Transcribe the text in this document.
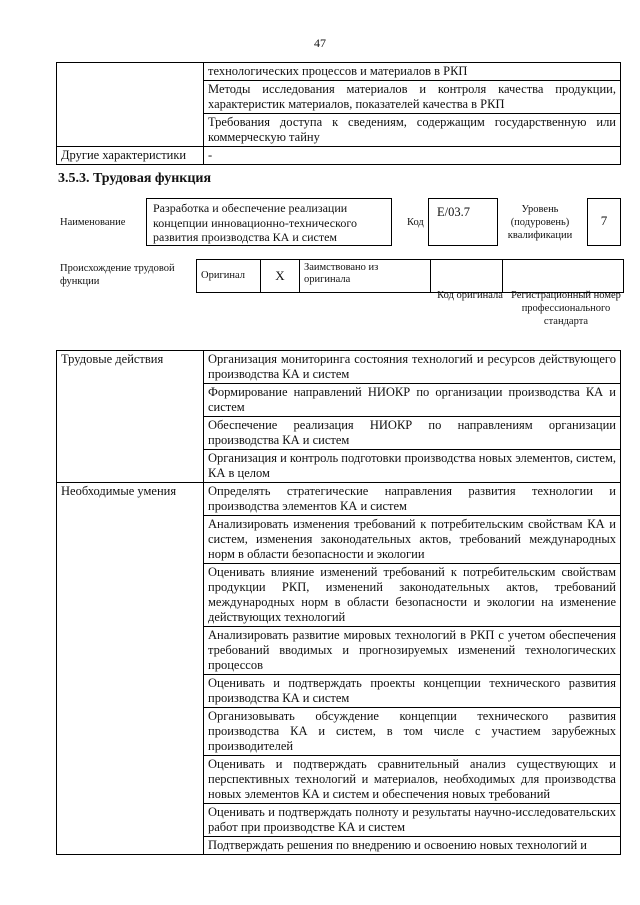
47
	технологических процессов и материалов в РКП
	Методы исследования материалов и контроля качества продукции, характеристик материалов, показателей качества в РКП
	Требования доступа к сведениям, содержащим государственную или коммерческую тайну
Другие характеристики	-
3.5.3. Трудовая функция
Наименование
Разработка и обеспечение реализации концепции инновационно-технического развития производства КА и систем
Код
E/03.7	Уровень (подуровень) квалификации
7
Происхождение трудовой функции
Оригинал	X	Заимствовано из оригинала		
Код оригинала Регистрационный номер профессионального стандарта
Трудовые действия	Организация мониторинга состояния технологий и ресурсов действующего производства КА и систем
	Формирование направлений НИОКР по организации производства КА и систем
	Обеспечение реализация НИОКР по направлениям организации производства КА и систем
	Организация и контроль подготовки производства новых элементов, систем, КА в целом
Необходимые умения	Определять стратегические направления развития технологии и производства элементов КА и систем
	Анализировать изменения требований к потребительским свойствам КА и систем, изменения законодательных актов, требований международных норм в области безопасности и экологии
	Оценивать влияние изменений требований к потребительским свойствам продукции РКП, изменений законодательных актов, требований международных норм в области безопасности и экологии на изменение действующих технологий
	Анализировать развитие мировых технологий в РКП с учетом обеспечения требований вводимых и прогнозируемых изменений технологических процессов
	Оценивать и подтверждать проекты концепции технического развития производства КА и систем
	Организовывать обсуждение концепции технического развития производства КА и систем, в том числе с участием зарубежных производителей
	Оценивать и подтверждать сравнительный анализ существующих и перспективных технологий и материалов, необходимых для производства новых элементов КА и систем и обеспечения новых требований
	Оценивать и подтверждать полноту и результаты научно-исследовательских работ при производстве КА и систем
	Подтверждать решения по внедрению и освоению новых технологий и
